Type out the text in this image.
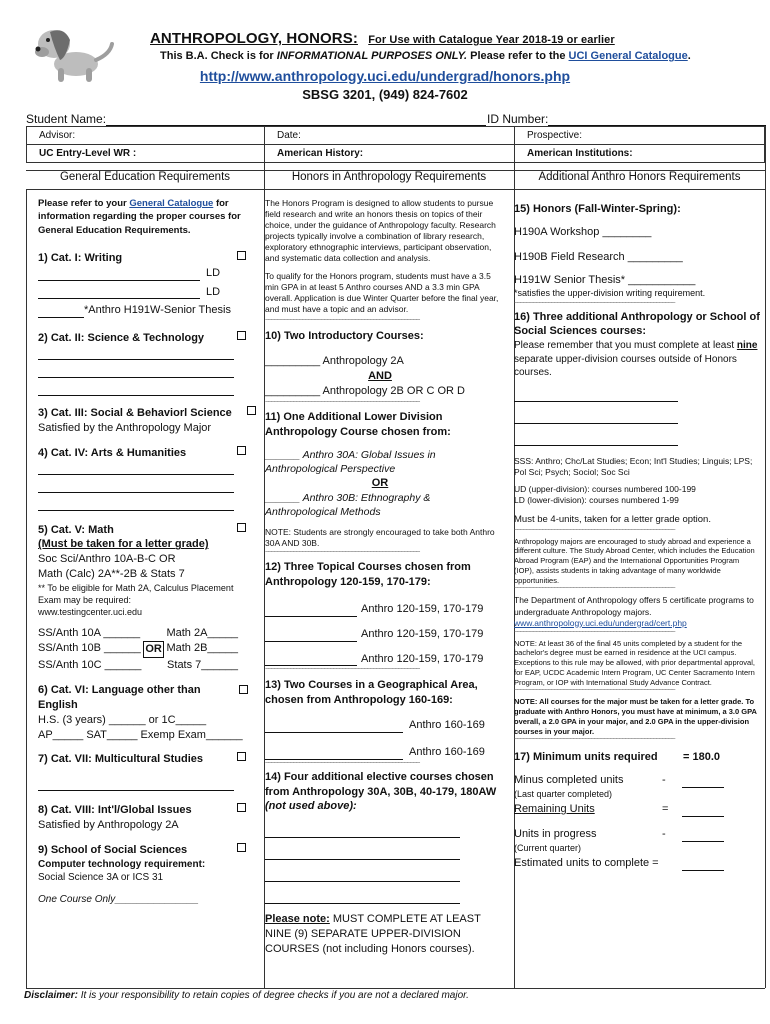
ANTHROPOLOGY, HONORS: For Use with Catalogue Year 2018-19 or earlier
This B.A. Check is for INFORMATIONAL PURPOSES ONLY. Please refer to the UCI General Catalogue.
http://www.anthropology.uci.edu/undergrad/honors.php
SBSG 3201, (949) 824-7602
Student Name:	ID Number:
Advisor:	Date:	Prospective:
UC Entry-Level WR :	American History:	American Institutions:
General Education Requirements	Honors in Anthropology Requirements	Additional Anthro Honors Requirements
Please refer to your General Catalogue for information regarding the proper courses for General Education Requirements.
1) Cat. I: Writing
LD
LD
*Anthro H191W-Senior Thesis
2) Cat. II: Science & Technology
3) Cat. III: Social & Behaviorl Science
Satisfied by the Anthropology Major
4) Cat. IV: Arts & Humanities
5) Cat. V: Math
(Must be taken for a letter grade)
Soc Sci/Anthro 10A-B-C OR
Math (Calc) 2A**-2B & Stats 7
** To be eligible for Math 2A, Calculus Placement Exam may be required:
www.testingcenter.uci.edu
SS/Anth 10A ______ Math 2A_____
SS/Anth 10B ______ OR Math 2B_____
SS/Anth 10C ______ Stats 7______
6) Cat. VI: Language other than English
H.S. (3 years) ______ or 1C_____
AP_____ SAT_____ Exemp Exam______
7) Cat. VII: Multicultural Studies
8) Cat. VIII: Int'l/Global Issues
Satisfied by Anthropology 2A
9) School of Social Sciences
Computer technology requirement:
Social Science 3A or ICS 31
One Course Only_______________
The Honors Program is designed to allow students to pursue field research and write an honors thesis on topics of their choice, under the guidance of Anthropology faculty. Research projects typically involve a combination of library research, exploratory ethnographic interviews, participant observation, and systematic data collection and analysis.
To qualify for the Honors program, students must have a 3.5 min GPA in at least 5 Anthro courses AND a 3.3 min GPA overall. Application is due Winter Quarter before the final year, and must have a topic and an advisor.
~~~~~~~~~~~~~~~~~~~~~~~~~~~~~~~~~~~~~~~~~~~~~~~~~~
10) Two Introductory Courses:
_________ Anthropology 2A
AND
_________ Anthropology 2B OR C OR D
~~~~~~~~~~~~~~~~~~~~~~~~~~~~~~~~~~~~~~~~~~~~~~~~~~
11) One Additional Lower Division Anthropology Course chosen from:
______ Anthro 30A: Global Issues in Anthropological Perspective
OR
______ Anthro 30B: Ethnography & Anthropological Methods
NOTE: Students are strongly encouraged to take both Anthro 30A AND 30B.
~~~~~~~~~~~~~~~~~~~~~~~~~~~~~~~~~~~~~~~~~~~~~~~~~~
12) Three Topical Courses chosen from Anthropology 120-159, 170-179:
Anthro 120-159, 170-179
Anthro 120-159, 170-179
Anthro 120-159, 170-179
~~~~~~~~~~~~~~~~~~~~~~~~~~~~~~~~~~~~~~~~~~~~~~~~~~
13) Two Courses in a Geographical Area, chosen from Anthropology 160-169:
Anthro 160-169
Anthro 160-169
~~~~~~~~~~~~~~~~~~~~~~~~~~~~~~~~~~~~~~~~~~~~~~~~~~
14) Four additional elective courses chosen from Anthropology 30A, 30B, 40-179, 180AW (not used above):
Please note: MUST COMPLETE AT LEAST NINE (9) SEPARATE UPPER-DIVISION COURSES (not including Honors courses).
15) Honors (Fall-Winter-Spring):
H190A Workshop ________
H190B Field Research _________
H191W Senior Thesis* ___________
*satisfies the upper-division writing requirement.
~~~~~~~~~~~~~~~~~~~~~~~~~~~~~~~~~~~~~~~~~~~~~~~~~~~~
16) Three additional Anthropology or School of Social Sciences courses:
Please remember that you must complete at least nine separate upper-division courses outside of Honors courses.
SSS: Anthro; Chc/Lat Studies; Econ; Int'l Studies; Linguis; LPS; Pol Sci; Psych; Sociol; Soc Sci
UD (upper-division): courses numbered 100-199
LD (lower-division): courses numbered 1-99
Must be 4-units, taken for a letter grade option.
~~~~~~~~~~~~~~~~~~~~~~~~~~~~~~~~~~~~~~~~~~~~~~~~~~~~
Anthropology majors are encouraged to study abroad and experience a different culture. The Study Abroad Center, which includes the Education Abroad Program (EAP) and the International Opportunities Program (IOP), assists students in taking advantage of many worldwide opportunities.
~~~~~~~~~~~~~~~~~~~~~~~~~~~~~~~~~~~~~~~~~~~~~~~~~~~~
The Department of Anthropology offers 5 certificate programs to undergraduate Anthropology majors.
www.anthropology.uci.edu/undergrad/cert.php
~~~~~~~~~~~~~~~~~~~~~~~~~~~~~~~~~~~~~~~~~~~~~~~~~~~~
NOTE: At least 36 of the final 45 units completed by a student for the bachelor's degree must be earned in residence at the UCI campus. Exceptions to this rule may be allowed, with prior departmental approval, for EAP, UCDC Academic Intern Program, UC Center Sacramento Intern Program, or IOP with International Study Advance Contract.
~~~~~~~~~~~~~~~~~~~~~~~~~~~~~~~~~~~~~~~~~~~~~~~~~~~~
NOTE: All courses for the major must be taken for a letter grade. To graduate with Anthro Honors, you must have at minimum, a 3.0 GPA overall, a 2.0 GPA in your major, and 2.0 GPA in the upper-division courses in your major.
~~~~~~~~~~~~~~~~~~~~~~~~~~~~~~~~~~~~~~~~~~~~~~~~~~~~
17) Minimum units required = 180.0
Minus completed units	-
(Last quarter completed)
Remaining Units	=
Units in progress	-
(Current quarter)
Estimated units to complete =
Disclaimer: It is your responsibility to retain copies of degree checks if you are not a declared major.
